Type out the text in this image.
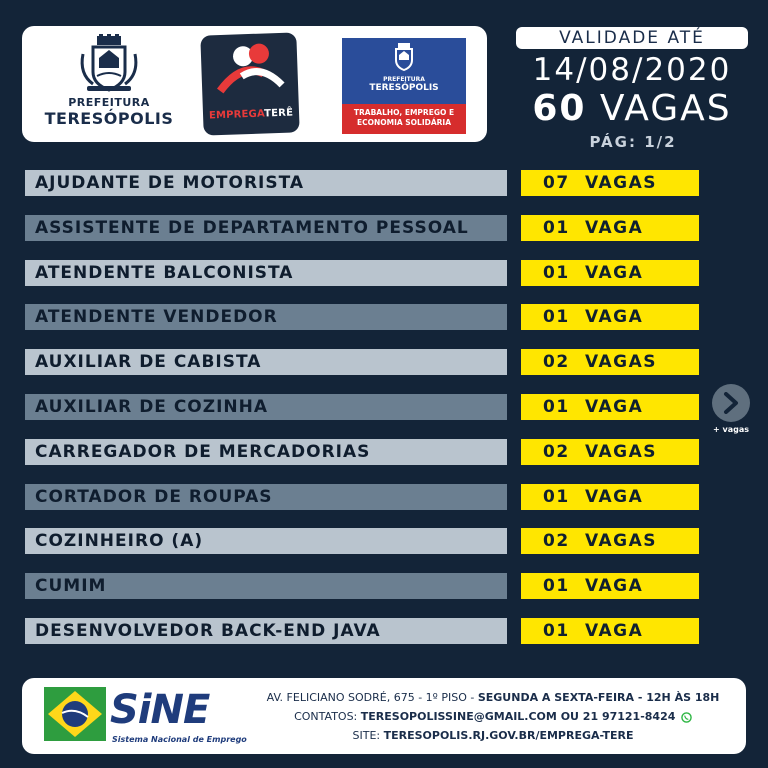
PREFEITURA
TERESÓPOLIS	EMPREGATERÊ
PREFEITURA
TERESÓPOLIS
TRABALHO, EMPREGO E
ECONOMIA SOLIDÁRIA
VALIDADE ATÉ
14/08/2020
60 VAGAS
PÁG: 1/2
AJUDANTE DE MOTORISTA	07 VAGAS
ASSISTENTE DE DEPARTAMENTO PESSOAL	01 VAGA
ATENDENTE BALCONISTA	01 VAGA
ATENDENTE VENDEDOR	01 VAGA
AUXILIAR DE CABISTA	02 VAGAS
AUXILIAR DE COZINHA	01 VAGA
CARREGADOR DE MERCADORIAS	02 VAGAS
CORTADOR DE ROUPAS	01 VAGA
COZINHEIRO (A)	02 VAGAS
CUMIM	01 VAGA
DESENVOLVEDOR BACK-END JAVA	01 VAGA
+ vagas
SiNE
Sistema Nacional de Emprego
AV. FELICIANO SODRÉ, 675 - 1º PISO - SEGUNDA A SEXTA-FEIRA - 12H ÀS 18H
CONTATOS: TERESOPOLISSINE@GMAIL.COM OU 21 97121-8424
SITE: TERESOPOLIS.RJ.GOV.BR/EMPREGA-TERE
